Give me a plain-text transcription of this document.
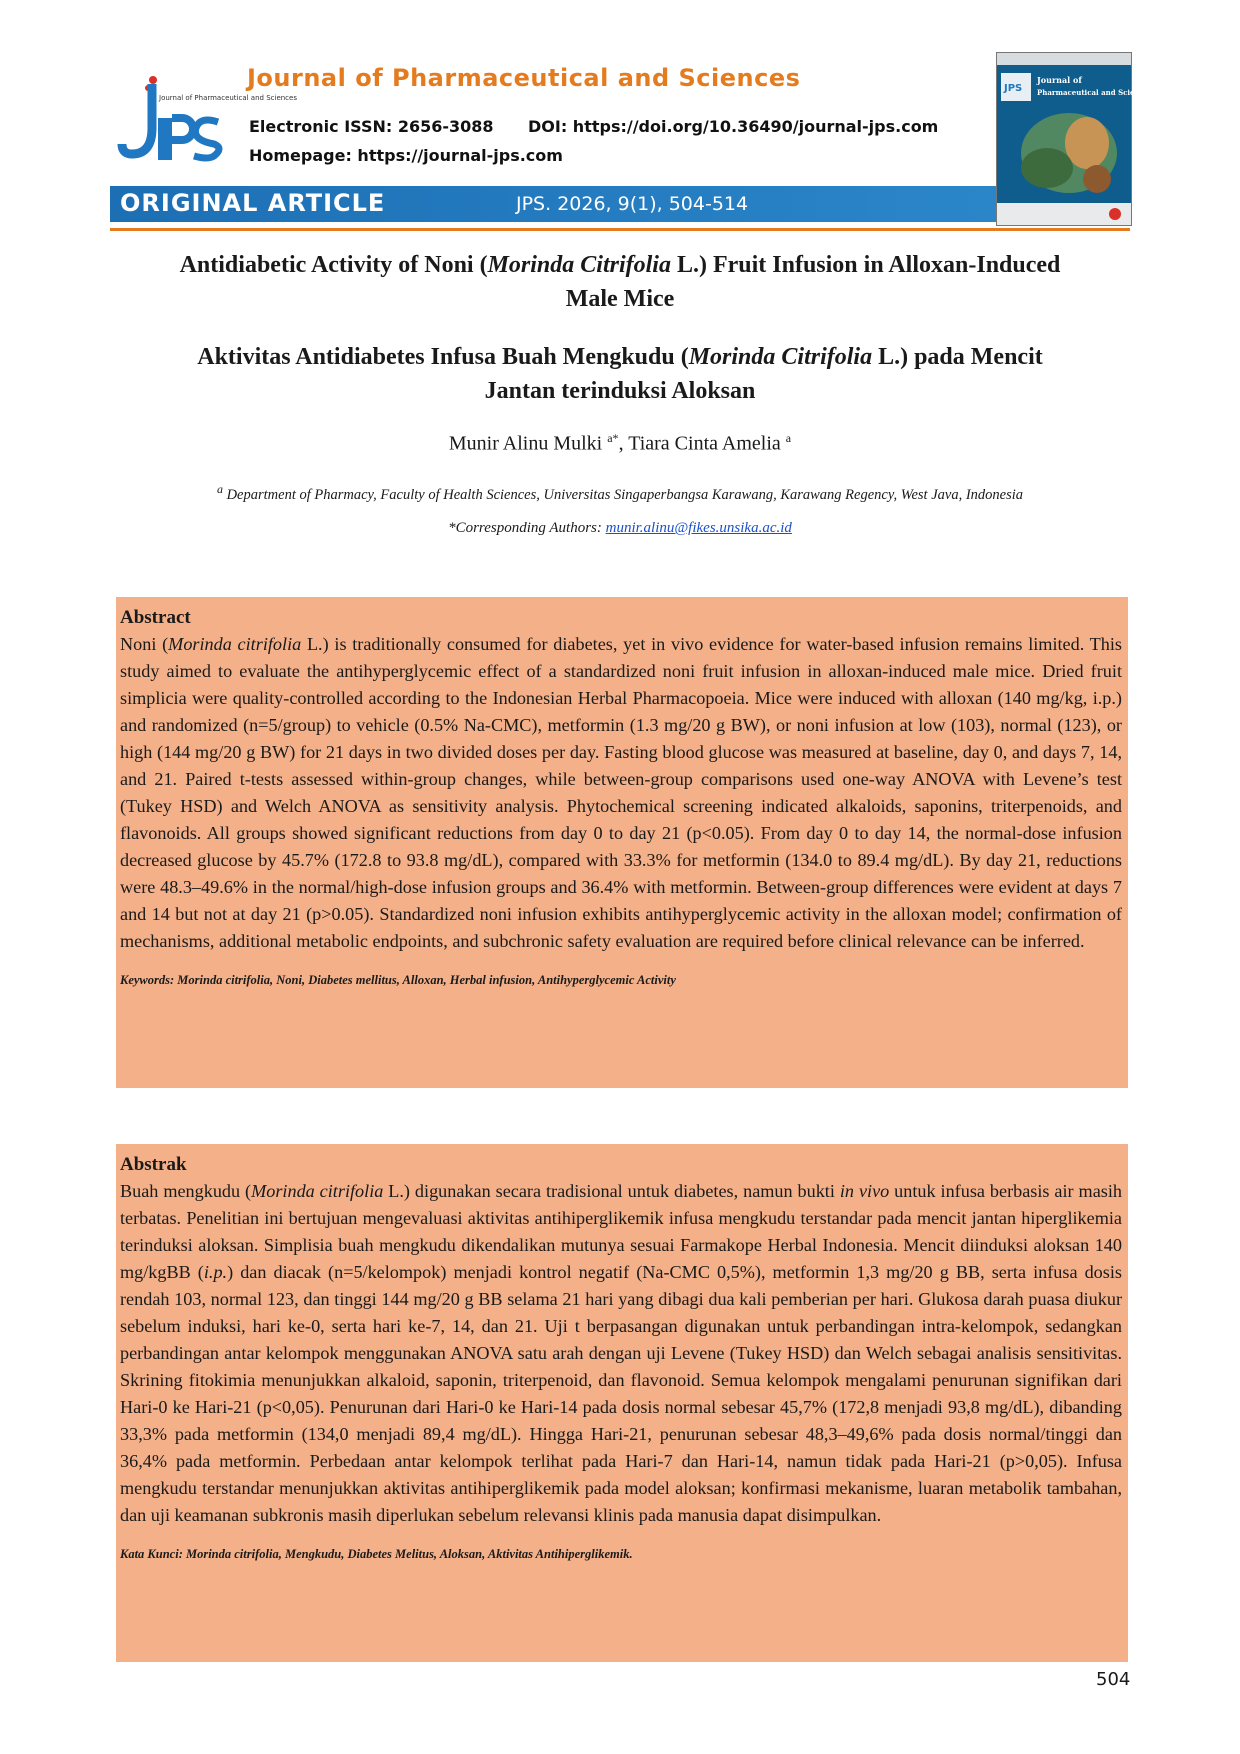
Journal of Pharmaceutical and Sciences
Journal of Pharmaceutical and Sciences
Electronic ISSN: 2656-3088 DOI: https://doi.org/10.36490/journal-jps.com
Homepage: https://journal-jps.com
JPS
Journal of
Pharmaceutical and Sciences
ORIGINAL ARTICLE	JPS. 2026, 9(1), 504-514
Antidiabetic Activity of Noni (Morinda Citrifolia L.) Fruit Infusion in Alloxan-Induced
Male Mice
Aktivitas Antidiabetes Infusa Buah Mengkudu (Morinda Citrifolia L.) pada Mencit
Jantan terinduksi Aloksan
Munir Alinu Mulki $^{a*}$, Tiara Cinta Amelia $^a$
$^a$ Department of Pharmacy, Faculty of Health Sciences, Universitas Singaperbangsa Karawang, Karawang Regency, West Java, Indonesia
*Corresponding Authors: munir.alinu@fikes.unsika.ac.id
Abstract

Noni (Morinda citrifolia L.) is traditionally consumed for diabetes, yet in vivo evidence for water-based infusion remains limited. This study aimed to evaluate the antihyperglycemic effect of a standardized noni fruit infusion in alloxan-induced male mice. Dried fruit simplicia were quality-controlled according to the Indonesian Herbal Pharmacopoeia. Mice were induced with alloxan (140 mg/kg, i.p.) and randomized (n=5/group) to vehicle (0.5% Na-CMC), metformin (1.3 mg/20 g BW), or noni infusion at low (103), normal (123), or high (144 mg/20 g BW) for 21 days in two divided doses per day. Fasting blood glucose was measured at baseline, day 0, and days 7, 14, and 21. Paired t-tests assessed within-group changes, while between-group comparisons used one-way ANOVA with Levene’s test (Tukey HSD) and Welch ANOVA as sensitivity analysis. Phytochemical screening indicated alkaloids, saponins, triterpenoids, and flavonoids. All groups showed significant reductions from day 0 to day 21 (p<0.05). From day 0 to day 14, the normal-dose infusion decreased glucose by 45.7% (172.8 to 93.8 mg/dL), compared with 33.3% for metformin (134.0 to 89.4 mg/dL). By day 21, reductions were 48.3–49.6% in the normal/high-dose infusion groups and 36.4% with metformin. Between-group differences were evident at days 7 and 14 but not at day 21 (p>0.05). Standardized noni infusion exhibits antihyperglycemic activity in the alloxan model; confirmation of mechanisms, additional metabolic endpoints, and subchronic safety evaluation are required before clinical relevance can be inferred.

Keywords: Morinda citrifolia, Noni, Diabetes mellitus, Alloxan, Herbal infusion, Antihyperglycemic Activity
Abstrak

Buah mengkudu (Morinda citrifolia L.) digunakan secara tradisional untuk diabetes, namun bukti in vivo untuk infusa berbasis air masih terbatas. Penelitian ini bertujuan mengevaluasi aktivitas antihiperglikemik infusa mengkudu terstandar pada mencit jantan hiperglikemia terinduksi aloksan. Simplisia buah mengkudu dikendalikan mutunya sesuai Farmakope Herbal Indonesia. Mencit diinduksi aloksan 140 mg/kgBB (i.p.) dan diacak (n=5/kelompok) menjadi kontrol negatif (Na-CMC 0,5%), metformin 1,3 mg/20 g BB, serta infusa dosis rendah 103, normal 123, dan tinggi 144 mg/20 g BB selama 21 hari yang dibagi dua kali pemberian per hari. Glukosa darah puasa diukur sebelum induksi, hari ke-0, serta hari ke-7, 14, dan 21. Uji t berpasangan digunakan untuk perbandingan intra-kelompok, sedangkan perbandingan antar kelompok menggunakan ANOVA satu arah dengan uji Levene (Tukey HSD) dan Welch sebagai analisis sensitivitas. Skrining fitokimia menunjukkan alkaloid, saponin, triterpenoid, dan flavonoid. Semua kelompok mengalami penurunan signifikan dari Hari-0 ke Hari-21 (p<0,05). Penurunan dari Hari-0 ke Hari-14 pada dosis normal sebesar 45,7% (172,8 menjadi 93,8 mg/dL), dibanding 33,3% pada metformin (134,0 menjadi 89,4 mg/dL). Hingga Hari-21, penurunan sebesar 48,3–49,6% pada dosis normal/tinggi dan 36,4% pada metformin. Perbedaan antar kelompok terlihat pada Hari-7 dan Hari-14, namun tidak pada Hari-21 (p>0,05). Infusa mengkudu terstandar menunjukkan aktivitas antihiperglikemik pada model aloksan; konfirmasi mekanisme, luaran metabolik tambahan, dan uji keamanan subkronis masih diperlukan sebelum relevansi klinis pada manusia dapat disimpulkan.

Kata Kunci: Morinda citrifolia, Mengkudu, Diabetes Melitus, Aloksan, Aktivitas Antihiperglikemik.
504
